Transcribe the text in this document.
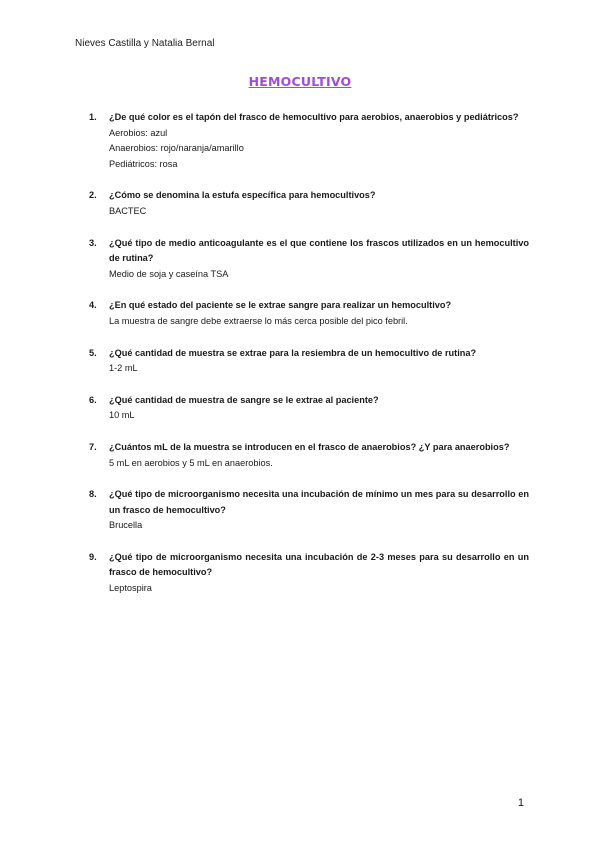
Nieves Castilla y Natalia Bernal
HEMOCULTIVO
1. ¿De qué color es el tapón del frasco de hemocultivo para aerobios, anaerobios y pediátricos?
Aerobios: azul
Anaerobios: rojo/naranja/amarillo
Pediátricos: rosa
2. ¿Cómo se denomina la estufa específica para hemocultivos?
BACTEC
3. ¿Qué tipo de medio anticoagulante es el que contiene los frascos utilizados en un hemocultivo de rutina?
Medio de soja y caseína TSA
4. ¿En qué estado del paciente se le extrae sangre para realizar un hemocultivo?
La muestra de sangre debe extraerse lo más cerca posible del pico febril.
5. ¿Qué cantidad de muestra se extrae para la resiembra de un hemocultivo de rutina?
1-2 mL
6. ¿Qué cantidad de muestra de sangre se le extrae al paciente?
10 mL
7. ¿Cuántos mL de la muestra se introducen en el frasco de anaerobios? ¿Y para anaerobios?
5 mL en aerobios y 5 mL en anaerobios.
8. ¿Qué tipo de microorganismo necesita una incubación de mínimo un mes para su desarrollo en un frasco de hemocultivo?
Brucella
9. ¿Qué tipo de microorganismo necesita una incubación de 2-3 meses para su desarrollo en un frasco de hemocultivo?
Leptospira
1
